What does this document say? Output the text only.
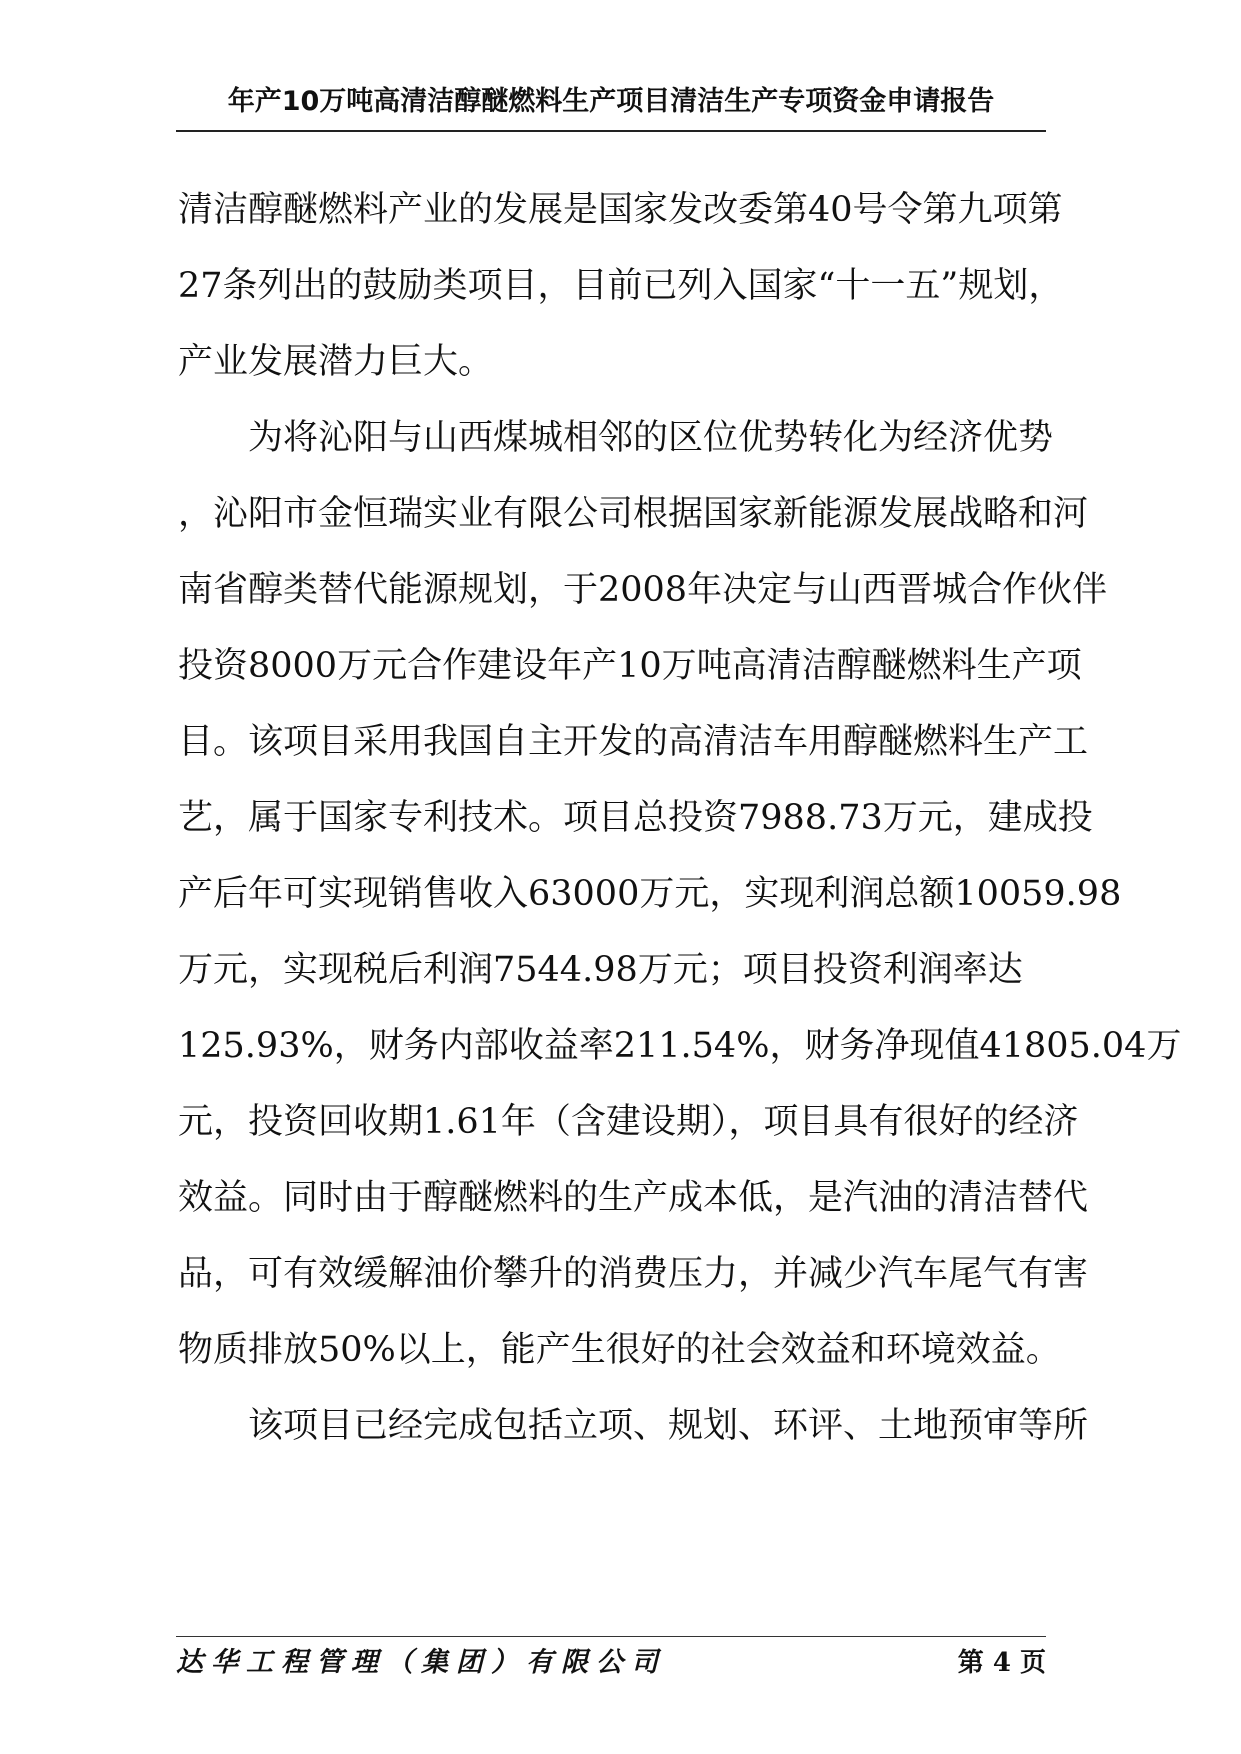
年产10万吨高清洁醇醚燃料生产项目清洁生产专项资金申请报告
清洁醇醚燃料产业的发展是国家发改委第40号令第九项第
27条列出的鼓励类项目，目前已列入国家“十一五”规划，
产业发展潜力巨大。
　　为将沁阳与山西煤城相邻的区位优势转化为经济优势
，沁阳市金恒瑞实业有限公司根据国家新能源发展战略和河
南省醇类替代能源规划，于2008年决定与山西晋城合作伙伴
投资8000万元合作建设年产10万吨高清洁醇醚燃料生产项
目。该项目采用我国自主开发的高清洁车用醇醚燃料生产工
艺，属于国家专利技术。项目总投资7988.73万元，建成投
产后年可实现销售收入63000万元，实现利润总额10059.98
万元，实现税后利润7544.98万元；项目投资利润率达
125.93%，财务内部收益率211.54%，财务净现值41805.04万
元，投资回收期1.61年（含建设期），项目具有很好的经济
效益。同时由于醇醚燃料的生产成本低，是汽油的清洁替代
品，可有效缓解油价攀升的消费压力，并减少汽车尾气有害
物质排放50%以上，能产生很好的社会效益和环境效益。
　　该项目已经完成包括立项、规划、环评、土地预审等所
达华工程管理（集团）有限公司	第 4 页
